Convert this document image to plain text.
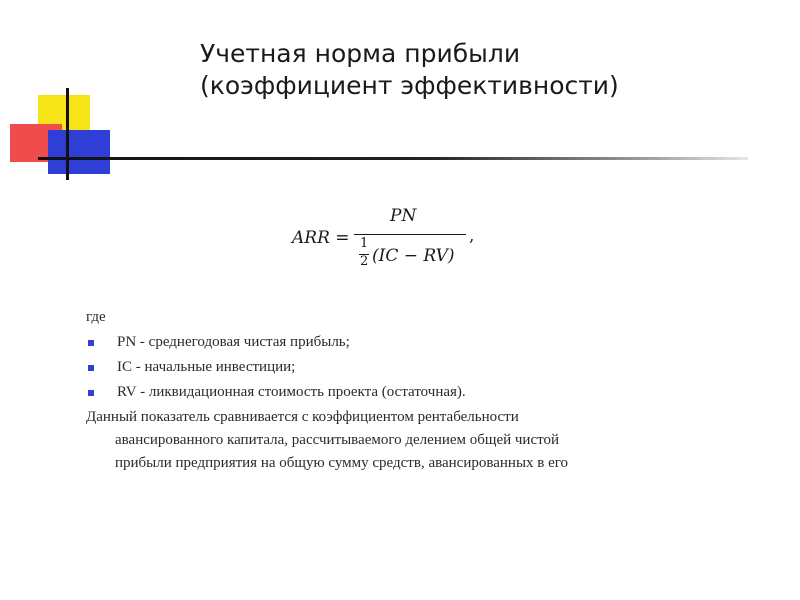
Учетная норма прибыли
(коэффициент эффективности)
ARR =
PN
1
2 (IC − RV)
,

где

PN - среднегодовая чистая прибыль;
IC - начальные инвестиции;
RV - ликвидационная стоимость проекта (остаточная).

Данный показатель сравнивается с коэффициентом рентабельности
авансированного капитала, рассчитываемого делением общей чистой
прибыли предприятия на общую сумму средств, авансированных в его
